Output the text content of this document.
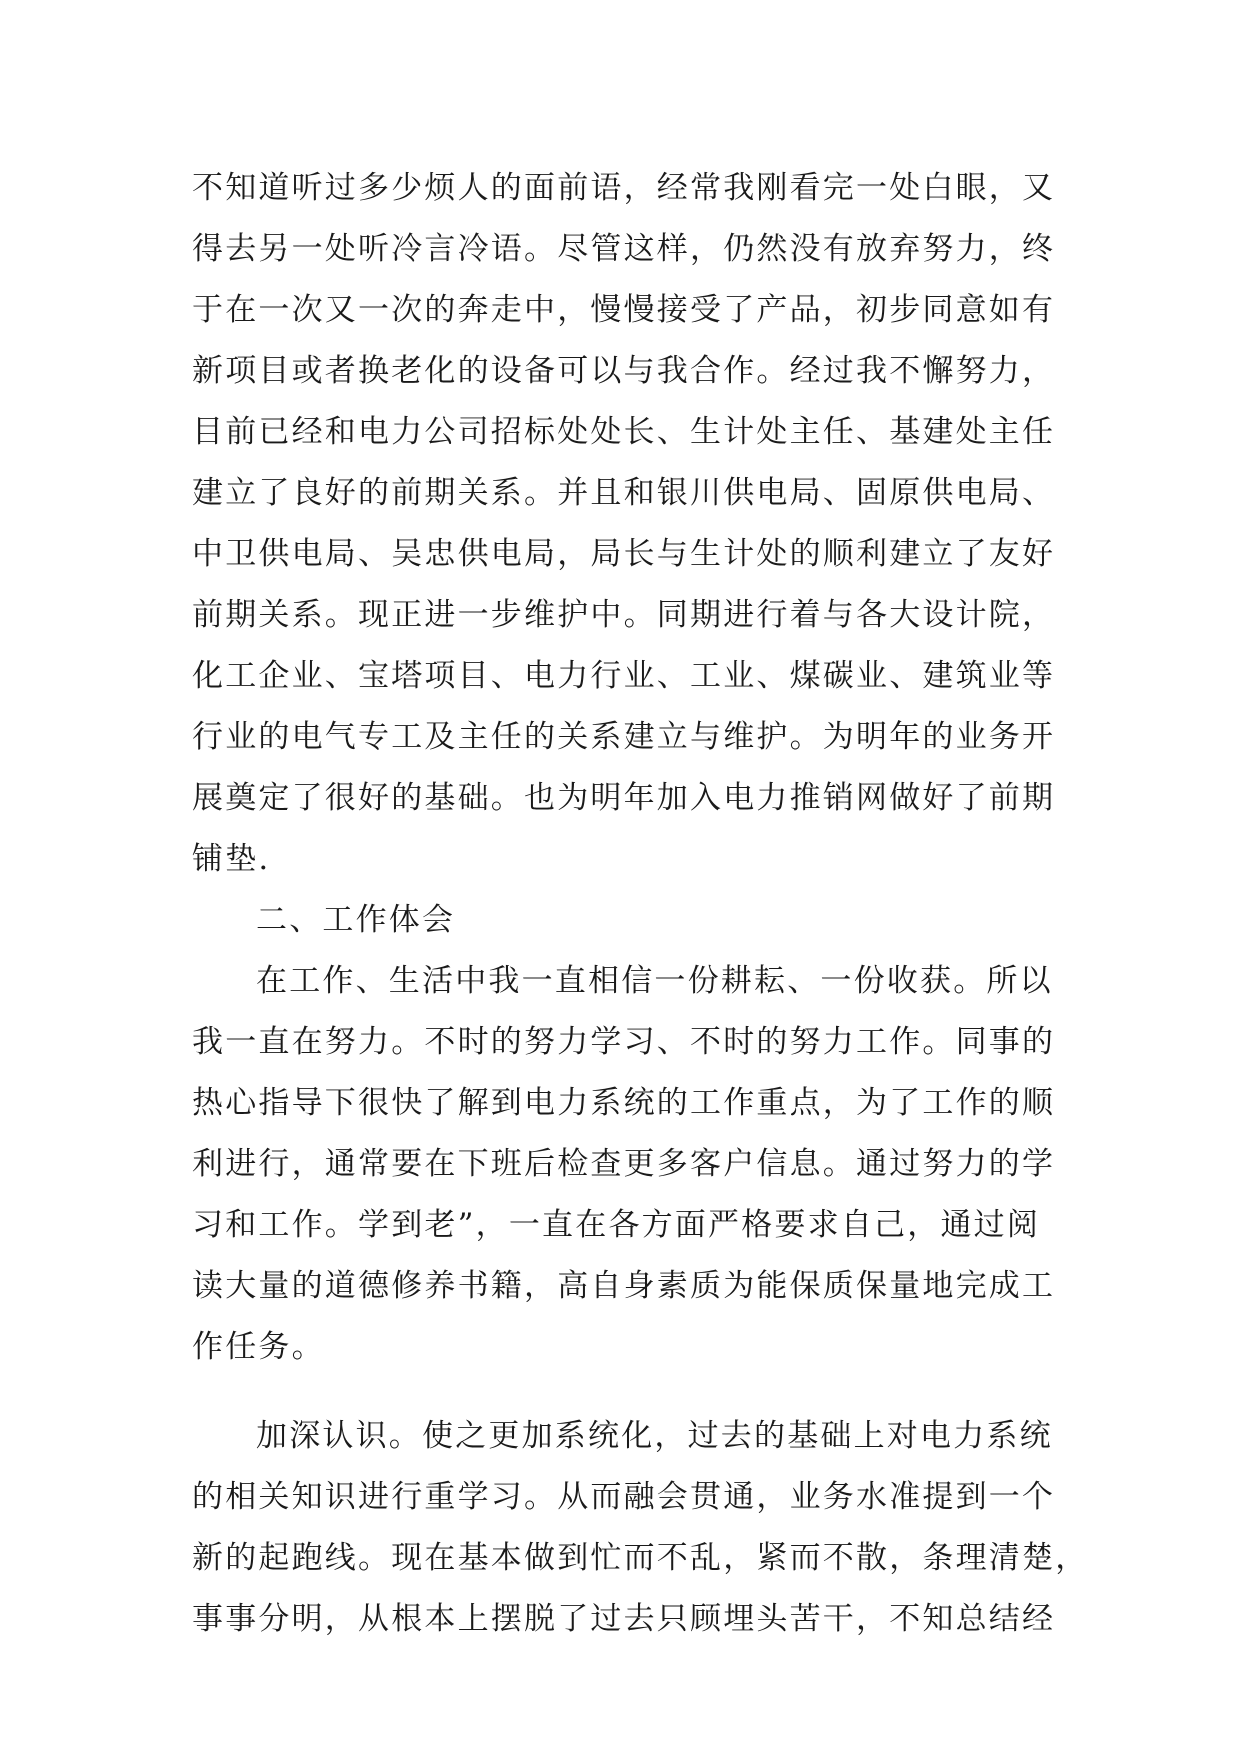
不知道听过多少烦人的面前语，经常我刚看完一处白眼，又
得去另一处听冷言冷语。尽管这样，仍然没有放弃努力，终
于在一次又一次的奔走中，慢慢接受了产品，初步同意如有
新项目或者换老化的设备可以与我合作。经过我不懈努力，
目前已经和电力公司招标处处长、生计处主任、基建处主任
建立了良好的前期关系。并且和银川供电局、固原供电局、
中卫供电局、吴忠供电局，局长与生计处的顺利建立了友好
前期关系。现正进一步维护中。同期进行着与各大设计院，
化工企业、宝塔项目、电力行业、工业、煤碳业、建筑业等
行业的电气专工及主任的关系建立与维护。为明年的业务开
展奠定了很好的基础。也为明年加入电力推销网做好了前期
铺垫.
二、工作体会
在工作、生活中我一直相信一份耕耘、一份收获。所以
我一直在努力。不时的努力学习、不时的努力工作。同事的
热心指导下很快了解到电力系统的工作重点，为了工作的顺
利进行，通常要在下班后检查更多客户信息。通过努力的学
习和工作。学到老”，一直在各方面严格要求自己，通过阅
读大量的道德修养书籍，高自身素质为能保质保量地完成工
作任务。
加深认识。使之更加系统化，过去的基础上对电力系统
的相关知识进行重学习。从而融会贯通，业务水准提到一个
新的起跑线。现在基本做到忙而不乱，紧而不散，条理清楚，
事事分明，从根本上摆脱了过去只顾埋头苦干，不知总结经
